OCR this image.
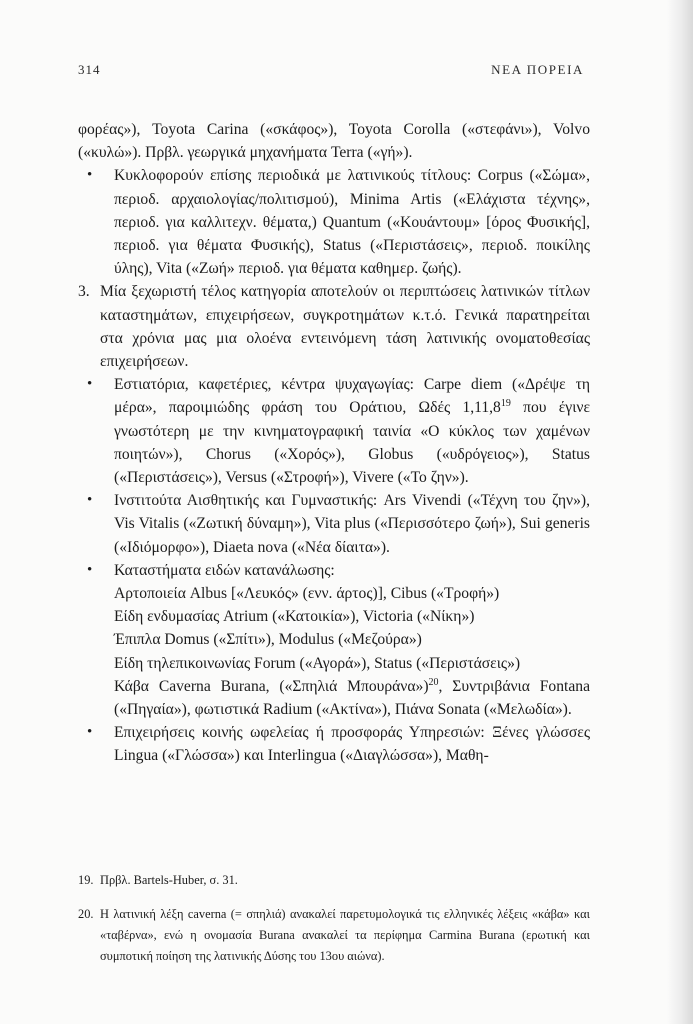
314	ΝΕΑ ΠΟΡΕΙΑ

φορέας»), Toyota Carina («σκάφος»), Toyota Corolla («στεφάνι»), Volvo («κυλώ»). Πρβλ. γεωργικά μηχανήματα Terra («γή»).

• Κυκλοφορούν επίσης περιοδικά με λατινικούς τίτλους: Corpus («Σώμα», περιοδ. αρχαιολογίας/πολιτισμού), Minima Artis («Ελάχιστα τέχνης», περιοδ. για καλλιτεχν. θέματα,) Quantum («Κουάντουμ» [όρος Φυσικής], περιοδ. για θέματα Φυσικής), Status («Περιστάσεις», περιοδ. ποικίλης ύλης), Vita («Ζωή» περιοδ. για θέματα καθημερ. ζωής).

3. Μία ξεχωριστή τέλος κατηγορία αποτελούν οι περιπτώσεις λατινικών τίτλων καταστημάτων, επιχειρήσεων, συγκροτημάτων κ.τ.ό. Γενικά παρατηρείται στα χρόνια μας μια ολοένα εντεινόμενη τάση λατινικής ονοματοθεσίας επιχειρήσεων.

• Εστιατόρια, καφετέριες, κέντρα ψυχαγωγίας: Carpe diem («Δρέψε τη μέρα», παροιμιώδης φράση του Οράτιου, Ωδές 1,11,8$^{19}$ που έγινε γνωστότερη με την κινηματογραφική ταινία «Ο κύκλος των χαμένων ποιητών»), Chorus («Χορός»), Globus («υδρόγειος»), Status («Περιστάσεις»), Versus («Στροφή»), Vivere («Το ζην»).

• Ινστιτούτα Αισθητικής και Γυμναστικής: Ars Vivendi («Τέχνη του ζην»), Vis Vitalis («Ζωτική δύναμη»), Vita plus («Περισσότερο ζωή»), Sui generis («Ιδιόμορφο»), Diaeta nova («Νέα δίαιτα»).

• Καταστήματα ειδών κατανάλωσης:

Αρτοποιεία Albus [«Λευκός» (ενν. άρτος)], Cibus («Τροφή»)

Είδη ενδυμασίας Atrium («Κατοικία»), Victoria («Νίκη»)

Έπιπλα Domus («Σπίτι»), Modulus («Μεζούρα»)

Είδη τηλεπικοινωνίας Forum («Αγορά»), Status («Περιστάσεις»)

Κάβα Caverna Burana, («Σπηλιά Μπουράνα»)$^{20}$, Συντριβάνια Fontana («Πηγαία»), φωτιστικά Radium («Ακτίνα»), Πιάνα Sonata («Μελωδία»).

• Επιχειρήσεις κοινής ωφελείας ή προσφοράς Υπηρεσιών: Ξένες γλώσσες Lingua («Γλώσσα») και Interlingua («Διαγλώσσα»), Μαθη-

19. Πρβλ. Bartels-Huber, σ. 31.

20. Η λατινική λέξη caverna (= σπηλιά) ανακαλεί παρετυμολογικά τις ελληνικές λέξεις «κάβα» και «ταβέρνα», ενώ η ονομασία Burana ανακαλεί τα περίφημα Carmina Burana (ερωτική και συμποτική ποίηση της λατινικής Δύσης του 13ου αιώνα).
